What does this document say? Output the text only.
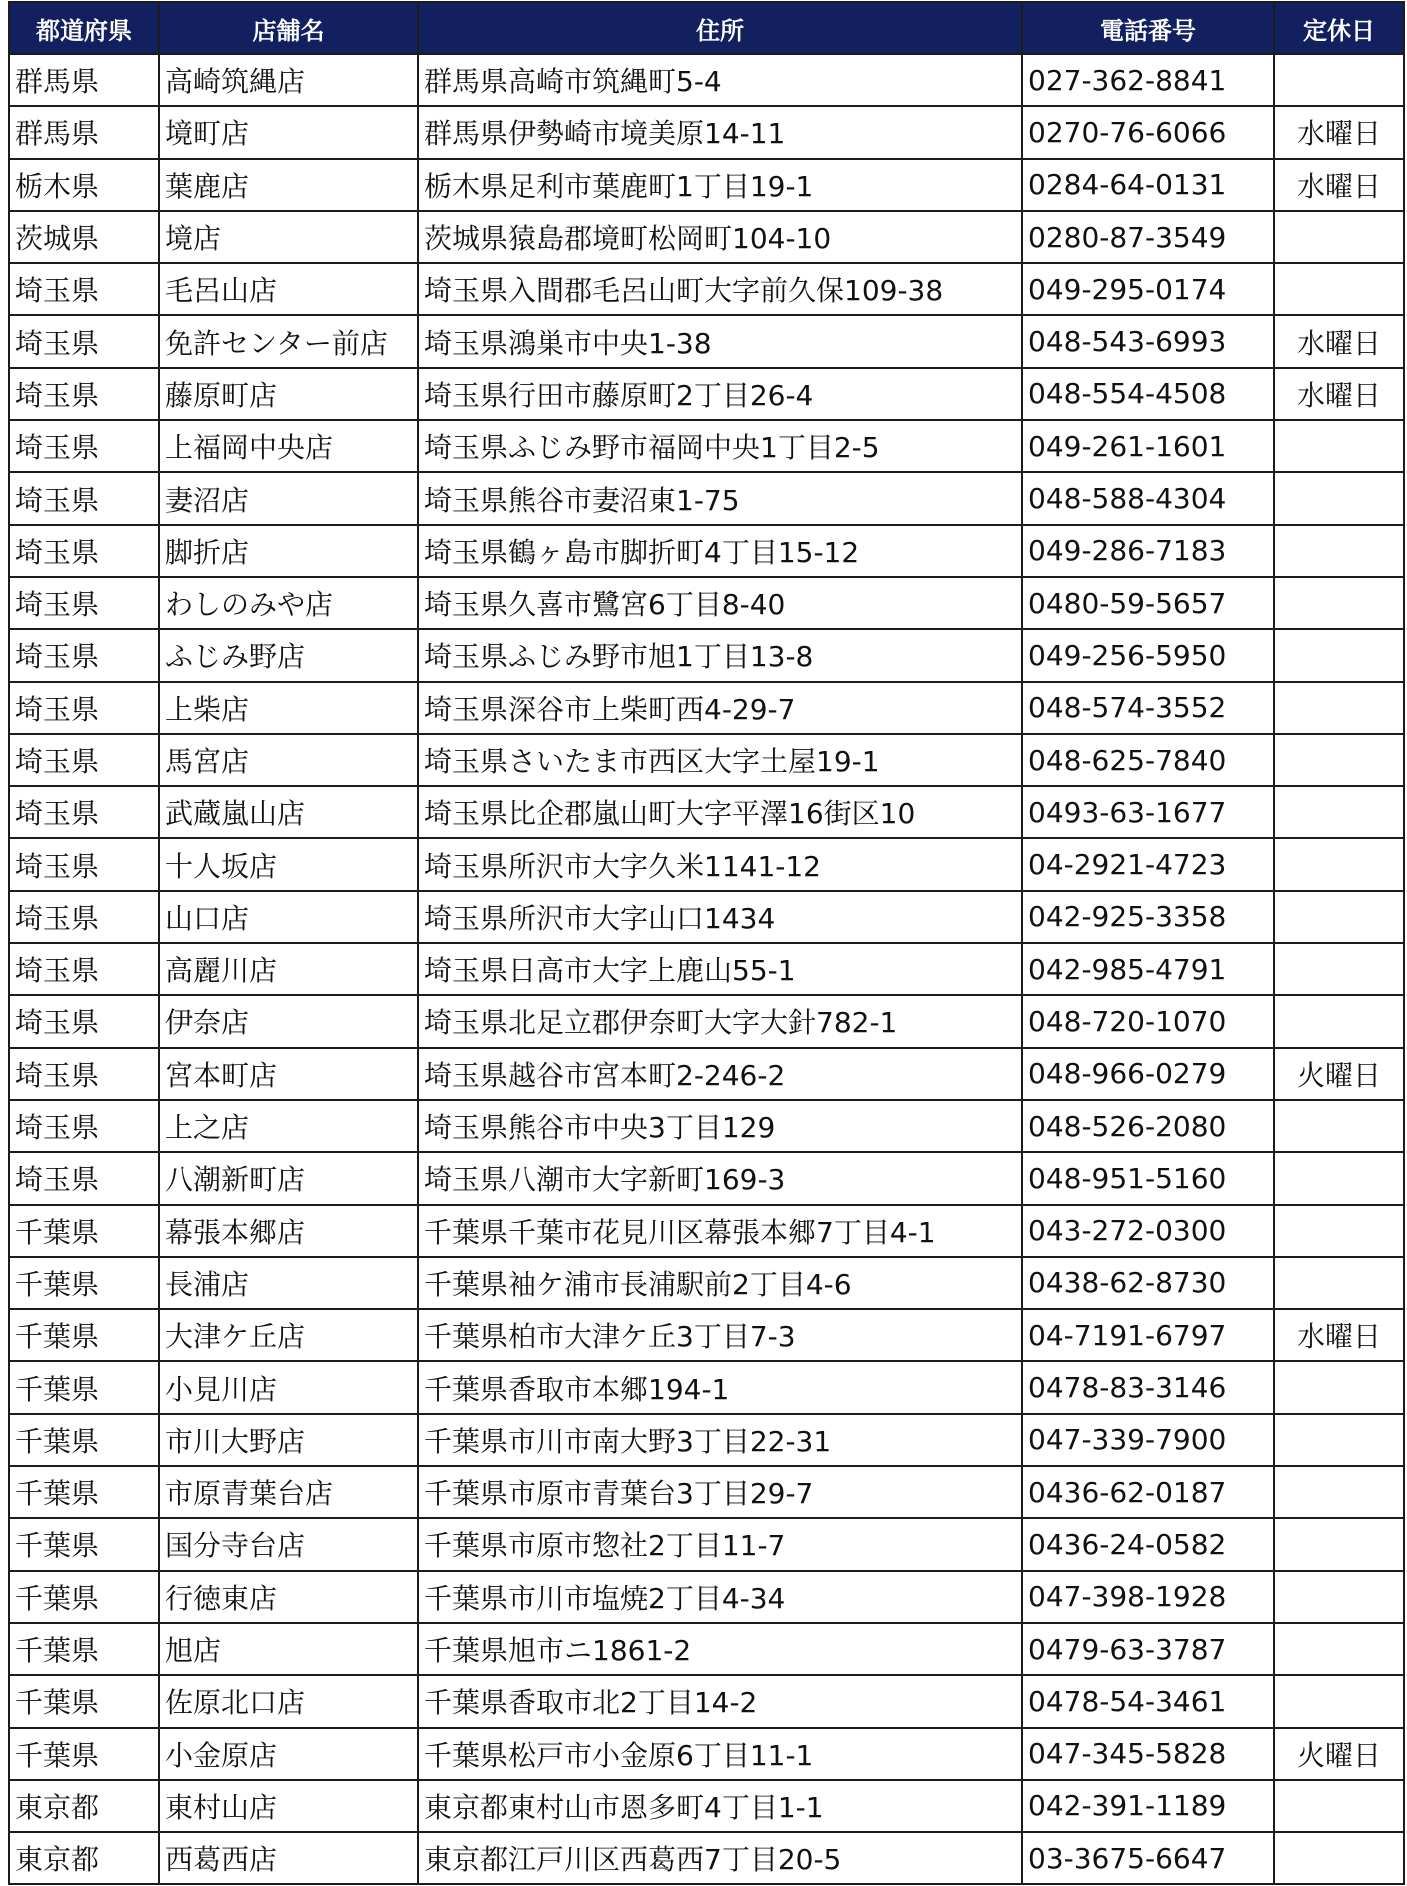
都道府県	店舗名	住所	電話番号	定休日
群馬県	高崎筑縄店	群馬県高崎市筑縄町5-4	027-362-8841	
群馬県	境町店	群馬県伊勢崎市境美原14-11	0270-76-6066	水曜日
栃木県	葉鹿店	栃木県足利市葉鹿町1丁目19-1	0284-64-0131	水曜日
茨城県	境店	茨城県猿島郡境町松岡町104-10	0280-87-3549	
埼玉県	毛呂山店	埼玉県入間郡毛呂山町大字前久保109-38	049-295-0174	
埼玉県	免許センター前店	埼玉県鴻巣市中央1-38	048-543-6993	水曜日
埼玉県	藤原町店	埼玉県行田市藤原町2丁目26-4	048-554-4508	水曜日
埼玉県	上福岡中央店	埼玉県ふじみ野市福岡中央1丁目2-5	049-261-1601	
埼玉県	妻沼店	埼玉県熊谷市妻沼東1-75	048-588-4304	
埼玉県	脚折店	埼玉県鶴ヶ島市脚折町4丁目15-12	049-286-7183	
埼玉県	わしのみや店	埼玉県久喜市鷺宮6丁目8-40	0480-59-5657	
埼玉県	ふじみ野店	埼玉県ふじみ野市旭1丁目13-8	049-256-5950	
埼玉県	上柴店	埼玉県深谷市上柴町西4-29-7	048-574-3552	
埼玉県	馬宮店	埼玉県さいたま市西区大字土屋19-1	048-625-7840	
埼玉県	武蔵嵐山店	埼玉県比企郡嵐山町大字平澤16街区10	0493-63-1677	
埼玉県	十人坂店	埼玉県所沢市大字久米1141-12	04-2921-4723	
埼玉県	山口店	埼玉県所沢市大字山口1434	042-925-3358	
埼玉県	高麗川店	埼玉県日高市大字上鹿山55-1	042-985-4791	
埼玉県	伊奈店	埼玉県北足立郡伊奈町大字大針782-1	048-720-1070	
埼玉県	宮本町店	埼玉県越谷市宮本町2-246-2	048-966-0279	火曜日
埼玉県	上之店	埼玉県熊谷市中央3丁目129	048-526-2080	
埼玉県	八潮新町店	埼玉県八潮市大字新町169-3	048-951-5160	
千葉県	幕張本郷店	千葉県千葉市花見川区幕張本郷7丁目4-1	043-272-0300	
千葉県	長浦店	千葉県袖ケ浦市長浦駅前2丁目4-6	0438-62-8730	
千葉県	大津ケ丘店	千葉県柏市大津ケ丘3丁目7-3	04-7191-6797	水曜日
千葉県	小見川店	千葉県香取市本郷194-1	0478-83-3146	
千葉県	市川大野店	千葉県市川市南大野3丁目22-31	047-339-7900	
千葉県	市原青葉台店	千葉県市原市青葉台3丁目29-7	0436-62-0187	
千葉県	国分寺台店	千葉県市原市惣社2丁目11-7	0436-24-0582	
千葉県	行徳東店	千葉県市川市塩焼2丁目4-34	047-398-1928	
千葉県	旭店	千葉県旭市ニ1861-2	0479-63-3787	
千葉県	佐原北口店	千葉県香取市北2丁目14-2	0478-54-3461	
千葉県	小金原店	千葉県松戸市小金原6丁目11-1	047-345-5828	火曜日
東京都	東村山店	東京都東村山市恩多町4丁目1-1	042-391-1189	
東京都	西葛西店	東京都江戸川区西葛西7丁目20-5	03-3675-6647	
